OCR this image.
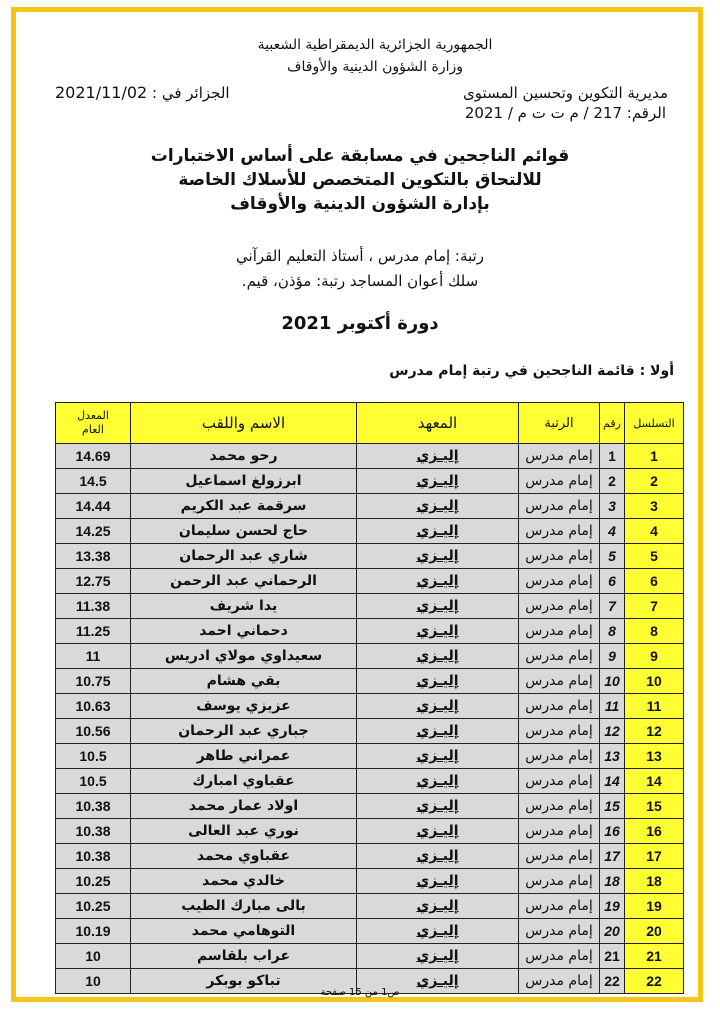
الجمهورية الجزائرية الديمقراطية الشعبية
وزارة الشؤون الدينية والأوقاف
مديرية التكوين وتحسين المستوى
الرقم: 217 / م ت ت م / 2021
الجزائر في : 2021/11/02
قوائم الناجحين في مسابقة على أساس الاختبارات
للالتحاق بالتكوين المتخصص للأسلاك الخاصة
بإدارة الشؤون الدينية والأوقاف
رتبة: إمام مدرس ، أستاذ التعليم القرآني
سلك أعوان المساجد رتبة: مؤذن، قيم.
دورة أكتوبر 2021
أولا : قائمة الناجحين في رتبة إمام مدرس
التسلسل	رقم	الرتبة	المعهد	الاسم واللقب	المعدل
العام

1	1	إمام مدرس	إليـزي	رحو محمد	14.69
2	2	إمام مدرس	إليـزي	ابرزولغ اسماعيل	14.5
3	3	إمام مدرس	إليـزي	سرقمة عبد الكريم	14.44
4	4	إمام مدرس	إليـزي	حاج لحسن سليمان	14.25
5	5	إمام مدرس	إليـزي	شاري عبد الرحمان	13.38
6	6	إمام مدرس	إليـزي	الرحماني عبد الرحمن	12.75
7	7	إمام مدرس	إليـزي	يدا شريف	11.38
8	8	إمام مدرس	إليـزي	دحماني احمد	11.25
9	9	إمام مدرس	إليـزي	سعيداوي مولاي ادريس	11
10	10	إمام مدرس	إليـزي	بقي هشام	10.75
11	11	إمام مدرس	إليـزي	عزيزي يوسف	10.63
12	12	إمام مدرس	إليـزي	جباري عبد الرحمان	10.56
13	13	إمام مدرس	إليـزي	عمراني طاهر	10.5
14	14	إمام مدرس	إليـزي	عقباوي امبارك	10.5
15	15	إمام مدرس	إليـزي	اولاد عمار محمد	10.38
16	16	إمام مدرس	إليـزي	نوري عبد العالى	10.38
17	17	إمام مدرس	إليـزي	عقباوي محمد	10.38
18	18	إمام مدرس	إليـزي	خالدي محمد	10.25
19	19	إمام مدرس	إليـزي	بالى مبارك الطيب	10.25
20	20	إمام مدرس	إليـزي	التوهامي محمد	10.19
21	21	إمام مدرس	إليـزي	عراب بلقاسم	10
22	22	إمام مدرس	إليـزي	تباكو بوبكر	10
ص1 من 15 صفحة
